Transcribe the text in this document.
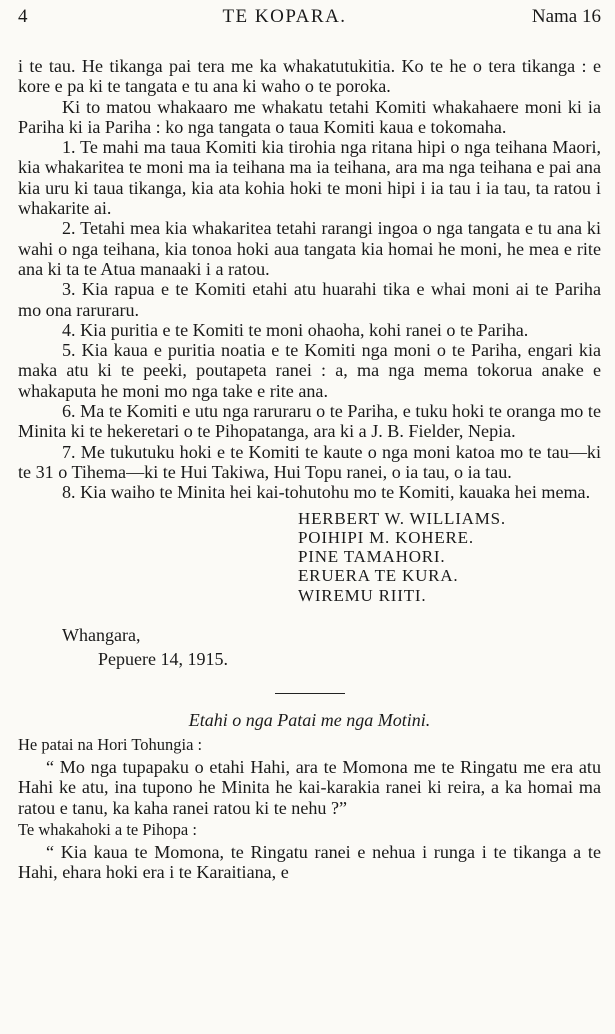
4	TE KOPARA.	Nama 16

i te tau. He tikanga pai tera me ka whakatutukitia. Ko te he o tera tikanga : e kore e pa ki te tangata e tu ana ki waho o te poroka.

Ki to matou whakaaro me whakatu tetahi Komiti whakahaere moni ki ia Pariha ki ia Pariha : ko nga tangata o taua Komiti kaua e tokomaha.

1. Te mahi ma taua Komiti kia tirohia nga ritana hipi o nga teihana Maori, kia whakaritea te moni ma ia teihana ma ia teihana, ara ma nga teihana e pai ana kia uru ki taua tikanga, kia ata kohia hoki te moni hipi i ia tau i ia tau, ta ratou i whakarite ai.

2. Tetahi mea kia whakaritea tetahi rarangi ingoa o nga tangata e tu ana ki wahi o nga teihana, kia tonoa hoki aua tangata kia homai he moni, he mea e rite ana ki ta te Atua manaaki i a ratou.

3. Kia rapua e te Komiti etahi atu huarahi tika e whai moni ai te Pariha mo ona raruraru.

4. Kia puritia e te Komiti te moni ohaoha, kohi ranei o te Pariha.

5. Kia kaua e puritia noatia e te Komiti nga moni o te Pariha, engari kia maka atu ki te peeki, poutapeta ranei : a, ma nga mema tokorua anake e whakaputa he moni mo nga take e rite ana.

6. Ma te Komiti e utu nga raruraru o te Pariha, e tuku hoki te oranga mo te Minita ki te hekeretari o te Pihopatanga, ara ki a J. B. Fielder, Nepia.

7. Me tukutuku hoki e te Komiti te kaute o nga moni katoa mo te tau—ki te 31 o Tihema—ki te Hui Takiwa, Hui Topu ranei, o ia tau, o ia tau.

8. Kia waiho te Minita hei kai-tohutohu mo te Komiti, kauaka hei mema.

HERBERT W. WILLIAMS.
POIHIPI M. KOHERE.
PINE TAMAHORI.
ERUERA TE KURA.
WIREMU RIITI.
Whangara,
Pepuere 14, 1915.
Etahi o nga Patai me nga Motini.
He patai na Hori Tohungia :

“ Mo nga tupapaku o etahi Hahi, ara te Momona me te Ringatu me era atu Hahi ke atu, ina tupono he Minita he kai-karakia ranei ki reira, a ka homai ma ratou e tanu, ka kaha ranei ratou ki te nehu ?”

Te whakahoki a te Pihopa :

“ Kia kaua te Momona, te Ringatu ranei e nehua i runga i te tikanga a te Hahi, ehara hoki era i te Karaitiana, e
